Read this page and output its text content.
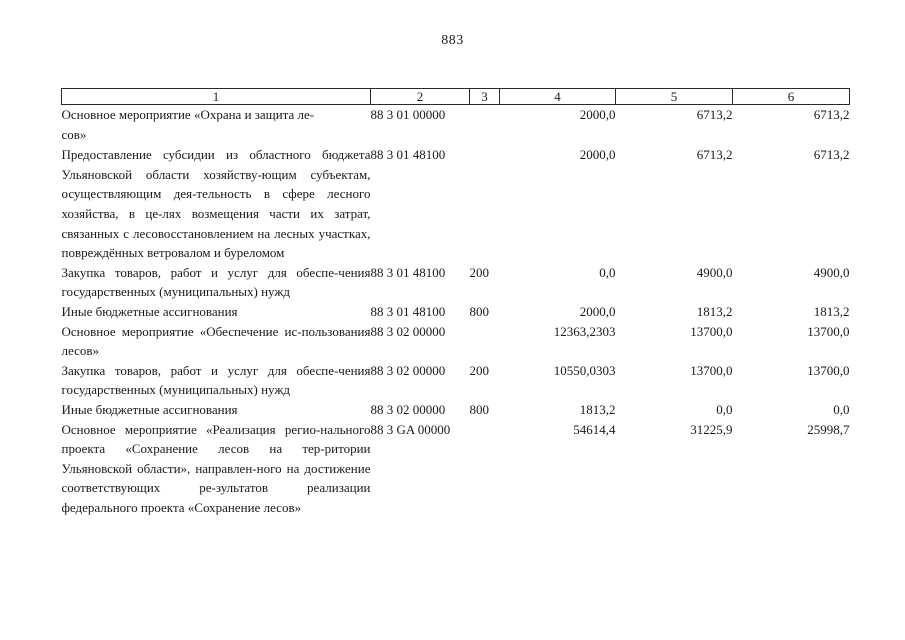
883
1	2	3	4	5	6
Основное мероприятие «Охрана и защита ле-
сов»	88 3 01 00000		2000,0	6713,2	6713,2
Предоставление субсидии из областного бюджета Ульяновской области хозяйству-ющим субъектам, осуществляющим дея-тельность в сфере лесного хозяйства, в це-лях возмещения части их затрат, связанных с лесовосстановлением на лесных участках, повреждённых ветровалом и буреломом	88 3 01 48100		2000,0	6713,2	6713,2
Закупка товаров, работ и услуг для обеспе-чения государственных (муниципальных) нужд	88 3 01 48100	200	0,0	4900,0	4900,0
Иные бюджетные ассигнования	88 3 01 48100	800	2000,0	1813,2	1813,2
Основное мероприятие «Обеспечение ис-пользования лесов»	88 3 02 00000		12363,2303	13700,0	13700,0
Закупка товаров, работ и услуг для обеспе-чения государственных (муниципальных) нужд	88 3 02 00000	200	10550,0303	13700,0	13700,0
Иные бюджетные ассигнования	88 3 02 00000	800	1813,2	0,0	0,0
Основное мероприятие «Реализация регио-нального проекта «Сохранение лесов на тер-ритории Ульяновской области», направлен-ного на достижение соответствующих ре-зультатов реализации федерального проекта «Сохранение лесов»	88 3 GA 00000		54614,4	31225,9	25998,7
